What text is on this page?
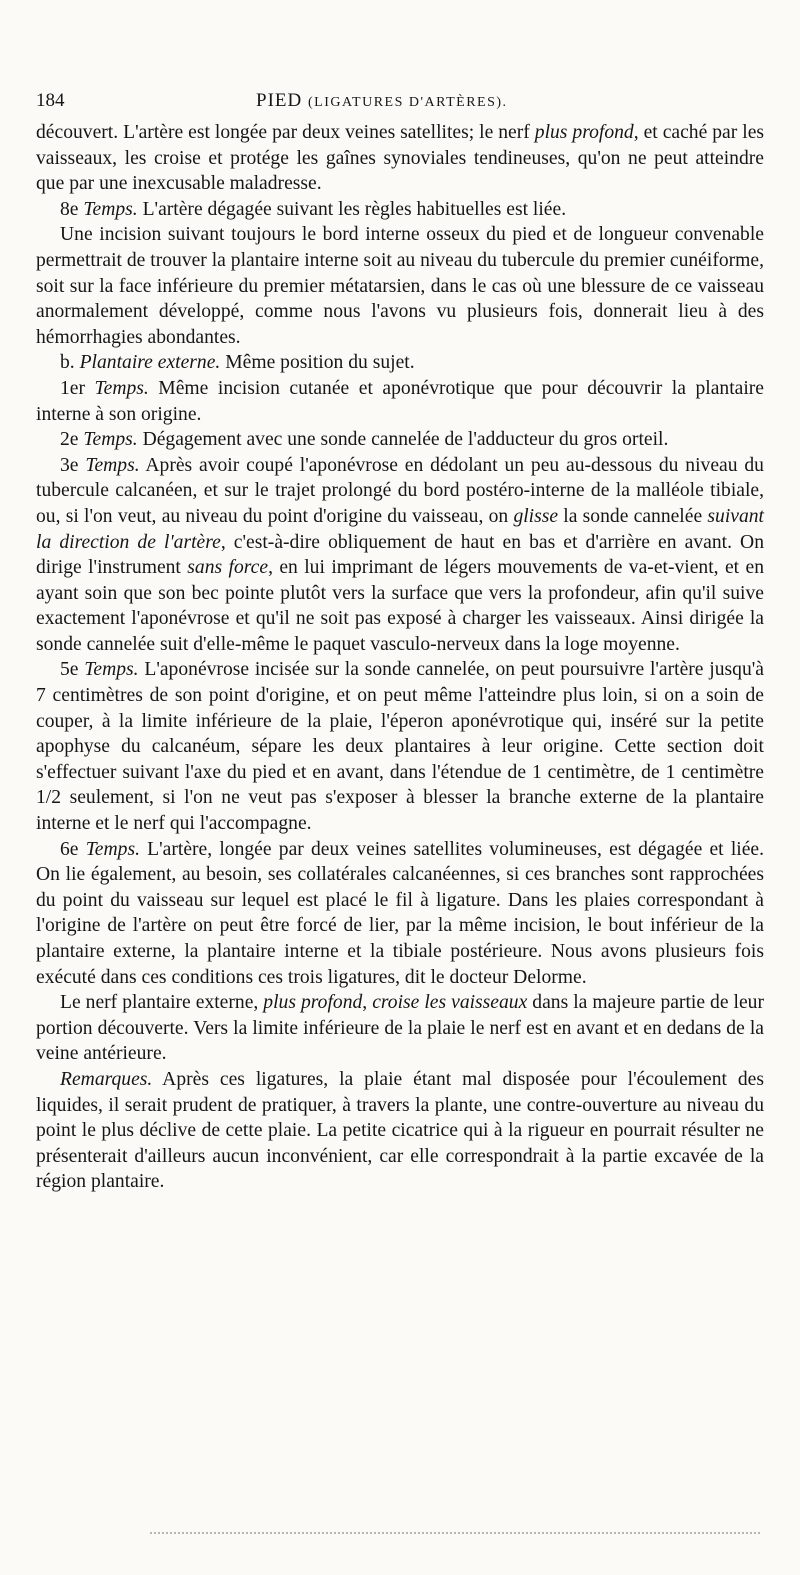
184	PIED (LIGATURES D'ARTÈRES).

découvert. L'artère est longée par deux veines satellites; le nerf plus profond, et caché par les vaisseaux, les croise et protége les gaînes synoviales tendineuses, qu'on ne peut atteindre que par une inexcusable maladresse.

8e Temps. L'artère dégagée suivant les règles habituelles est liée.

Une incision suivant toujours le bord interne osseux du pied et de longueur convenable permettrait de trouver la plantaire interne soit au niveau du tubercule du premier cunéiforme, soit sur la face inférieure du premier métatarsien, dans le cas où une blessure de ce vaisseau anormalement développé, comme nous l'avons vu plusieurs fois, donnerait lieu à des hémorrhagies abondantes.

b. Plantaire externe. Même position du sujet.

1er Temps. Même incision cutanée et aponévrotique que pour découvrir la plantaire interne à son origine.

2e Temps. Dégagement avec une sonde cannelée de l'adducteur du gros orteil.

3e Temps. Après avoir coupé l'aponévrose en dédolant un peu au-dessous du niveau du tubercule calcanéen, et sur le trajet prolongé du bord postéro-interne de la malléole tibiale, ou, si l'on veut, au niveau du point d'origine du vaisseau, on glisse la sonde cannelée suivant la direction de l'artère, c'est-à-dire obliquement de haut en bas et d'arrière en avant. On dirige l'instrument sans force, en lui imprimant de légers mouvements de va-et-vient, et en ayant soin que son bec pointe plutôt vers la surface que vers la profondeur, afin qu'il suive exactement l'aponévrose et qu'il ne soit pas exposé à charger les vaisseaux. Ainsi dirigée la sonde cannelée suit d'elle-même le paquet vasculo-nerveux dans la loge moyenne.

5e Temps. L'aponévrose incisée sur la sonde cannelée, on peut poursuivre l'artère jusqu'à 7 centimètres de son point d'origine, et on peut même l'atteindre plus loin, si on a soin de couper, à la limite inférieure de la plaie, l'éperon aponévrotique qui, inséré sur la petite apophyse du calcanéum, sépare les deux plantaires à leur origine. Cette section doit s'effectuer suivant l'axe du pied et en avant, dans l'étendue de 1 centimètre, de 1 centimètre 1/2 seulement, si l'on ne veut pas s'exposer à blesser la branche externe de la plantaire interne et le nerf qui l'accompagne.

6e Temps. L'artère, longée par deux veines satellites volumineuses, est dégagée et liée. On lie également, au besoin, ses collatérales calcanéennes, si ces branches sont rapprochées du point du vaisseau sur lequel est placé le fil à ligature. Dans les plaies correspondant à l'origine de l'artère on peut être forcé de lier, par la même incision, le bout inférieur de la plantaire externe, la plantaire interne et la tibiale postérieure. Nous avons plusieurs fois exécuté dans ces conditions ces trois ligatures, dit le docteur Delorme.

Le nerf plantaire externe, plus profond, croise les vaisseaux dans la majeure partie de leur portion découverte. Vers la limite inférieure de la plaie le nerf est en avant et en dedans de la veine antérieure.

Remarques. Après ces ligatures, la plaie étant mal disposée pour l'écoulement des liquides, il serait prudent de pratiquer, à travers la plante, une contre-ouverture au niveau du point le plus déclive de cette plaie. La petite cicatrice qui à la rigueur en pourrait résulter ne présenterait d'ailleurs aucun inconvénient, car elle correspondrait à la partie excavée de la région plantaire.
